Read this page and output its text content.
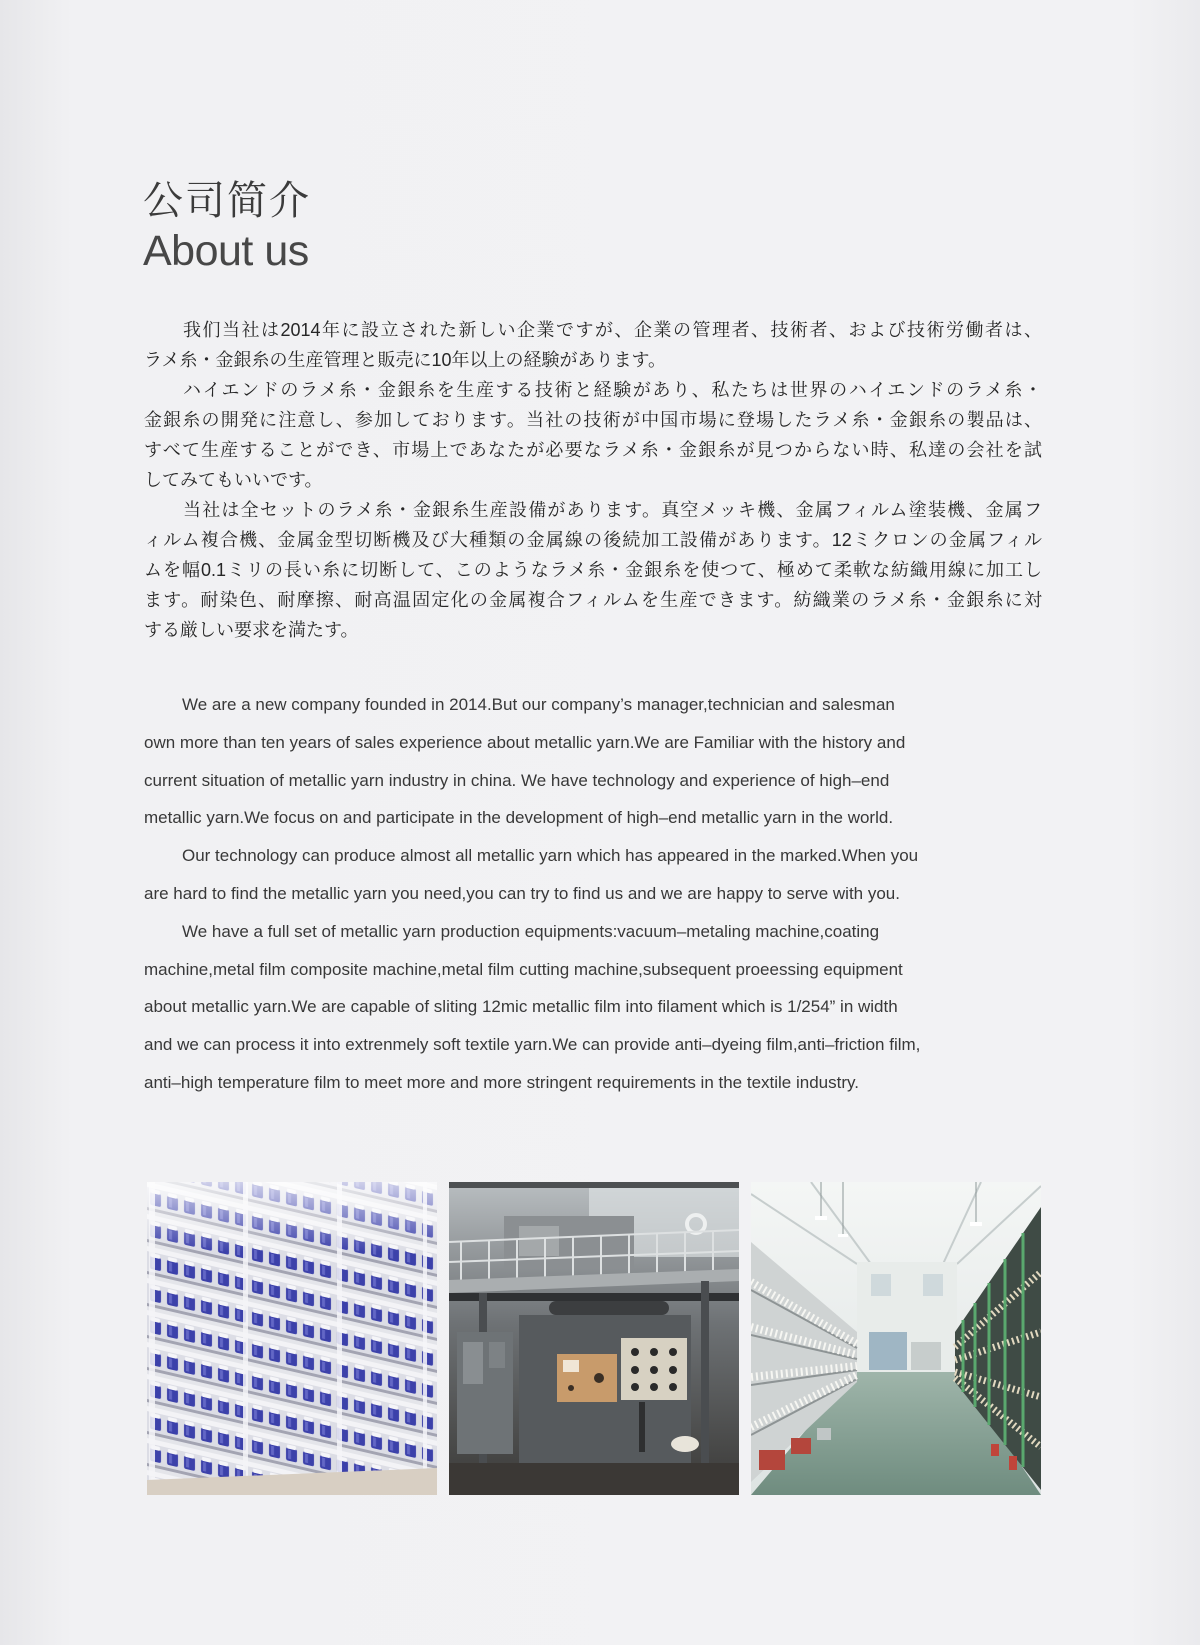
公司简介
About us
我们当社は2014年に設立された新しい企業ですが、企業の管理者、技術者、および技術労働者は、
ラメ糸・金銀糸の生産管理と販売に10年以上の経験があります。
ハイエンドのラメ糸・金銀糸を生産する技術と経験があり、私たちは世界のハイエンドのラメ糸・
金銀糸の開発に注意し、参加しております。当社の技術が中国市場に登場したラメ糸・金銀糸の製品は、
すべて生産することができ、市場上であなたが必要なラメ糸・金銀糸が見つからない時、私達の会社を試
してみてもいいです。
当社は全セットのラメ糸・金銀糸生産設備があります。真空メッキ機、金属フィルム塗装機、金属フ
ィルム複合機、金属金型切断機及び大種類の金属線の後続加工設備があります。12ミクロンの金属フィル
ムを幅0.1ミリの長い糸に切断して、このようなラメ糸・金銀糸を使つて、極めて柔軟な紡織用線に加工し
ます。耐染色、耐摩擦、耐高温固定化の金属複合フィルムを生産できます。紡織業のラメ糸・金銀糸に対
する厳しい要求を満たす。
We are a new company founded in 2014.But our company’s manager,technician and salesman
own more than ten years of sales experience about metallic yarn.We are Familiar with the history and
current situation of metallic yarn industry in china. We have technology and experience of high–end
metallic yarn.We focus on and participate in the development of high–end metallic yarn in the world.
Our technology can produce almost all metallic yarn which has appeared in the marked.When you
are hard to find the metallic yarn you need,you can try to find us and we are happy to serve with you.
We have a full set of metallic yarn production equipments:vacuum–metaling machine,coating
machine,metal film composite machine,metal film cutting machine,subsequent proeessing equipment
about metallic yarn.We are capable of sliting 12mic metallic film into filament which is 1/254” in width
and we can process it into extrenmely soft textile yarn.We can provide anti–dyeing film,anti–friction film,
anti–high temperature film to meet more and more stringent requirements in the textile industry.
